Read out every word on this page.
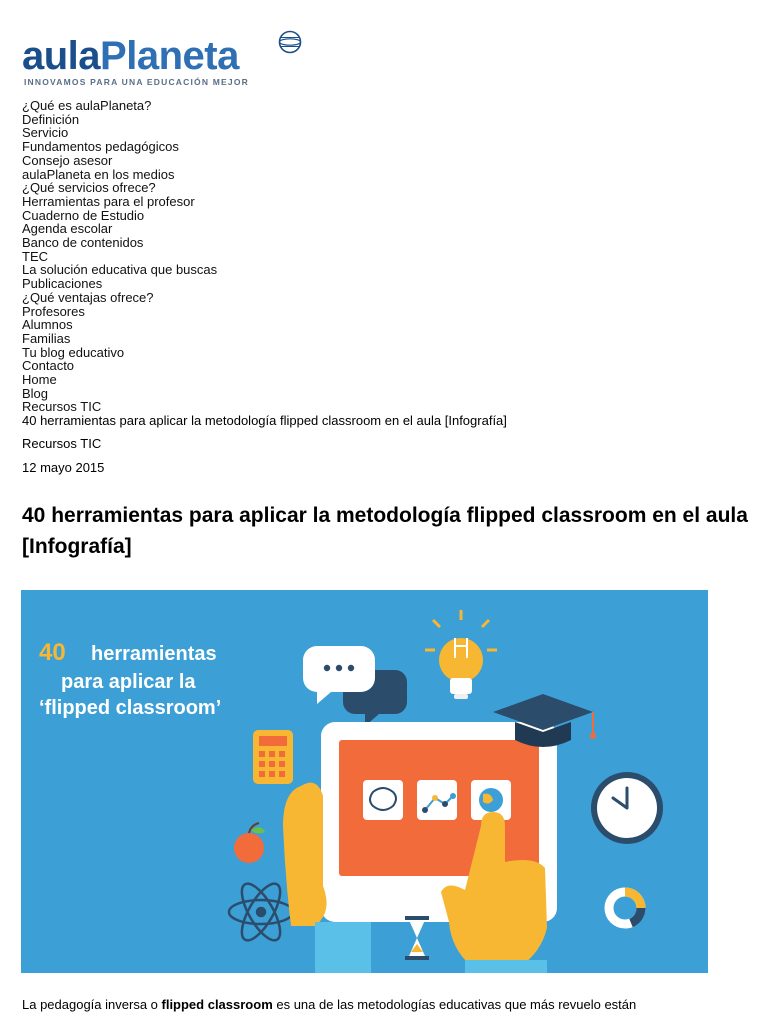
aulaPlaneta
INNOVAMOS PARA UNA EDUCACIÓN MEJOR
¿Qué es aulaPlaneta?
Definición
Servicio
Fundamentos pedagógicos
Consejo asesor
aulaPlaneta en los medios
¿Qué servicios ofrece?
Herramientas para el profesor
Cuaderno de Estudio
Agenda escolar
Banco de contenidos
TEC
La solución educativa que buscas
Publicaciones
¿Qué ventajas ofrece?
Profesores
Alumnos
Familias
Tu blog educativo
Contacto
Home
Blog
Recursos TIC
40 herramientas para aplicar la metodología flipped classroom en el aula [Infografía]
Recursos TIC
12 mayo 2015
40 herramientas para aplicar la metodología flipped classroom en el aula [Infografía]
40 herramientas
para aplicar la
‘flipped classroom’
La pedagogía inversa o flipped classroom es una de las metodologías educativas que más revuelo están
